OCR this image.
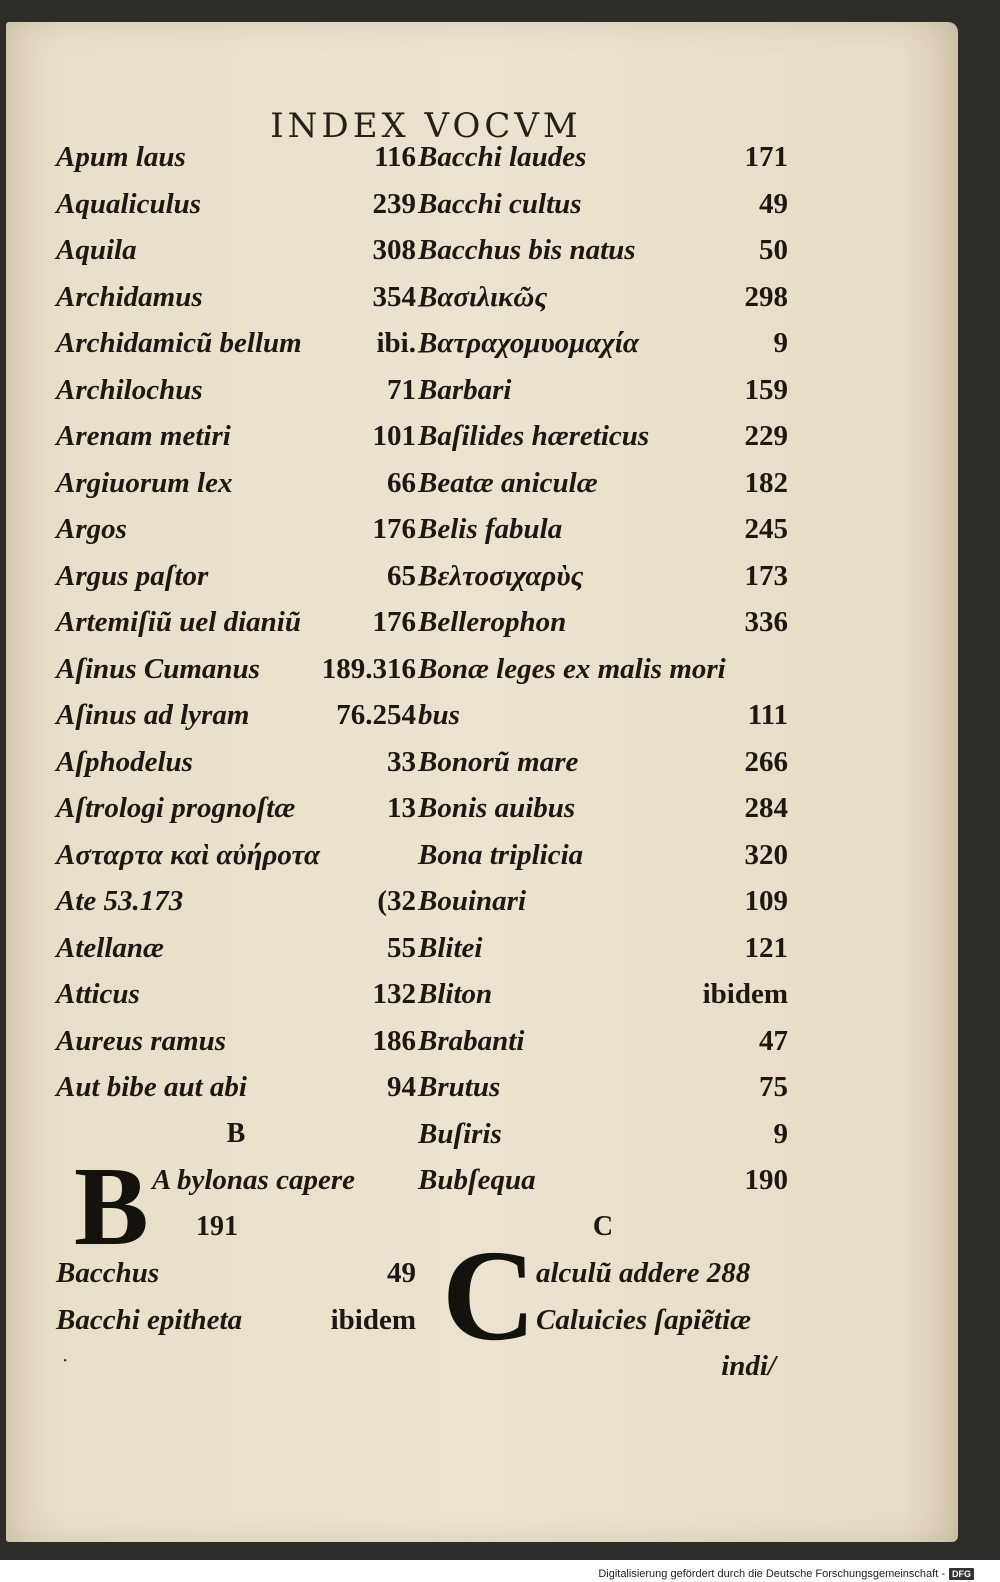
INDEX VOCVM
Apum laus	116
Aqualiculus	239
Aquila	308
Archidamus	354
Archidamicũ bellum	ibi.
Archilochus	71
Arenam metiri	101
Argiuorum lex	66
Argos	176
Argus paſtor	65
Artemiſiũ uel dianiũ 176
Aſinus Cumanus 189.316
Aſinus ad lyram	76.254
Aſphodelus	33
Aſtrologi prognoſtæ	13
Ασταρτα καὶ αὐήροτα
Ate 53.173	(32
Atellanæ	55
Atticus	132
Aureus ramus	186
Aut bibe aut abi	94
B
B A bylonas capere
191
Bacchus	49
Bacchi epitheta	ibidem
Bacchi laudes	171
Bacchi cultus	49
Bacchus bis natus	50
Βασιλικῶς	298
Βατραχομυομαχία	9
Barbari	159
Baſilides hæreticus	229
Beatæ aniculæ	182
Belis fabula	245
Βελτοσιχαρὺς	173
Bellerophon	336
Bonæ leges ex malis mori
bus	111
Bonorũ mare	266
Bonis auibus	284
Bona triplicia	320
Bouinari	109
Blitei	121
Bliton	ibidem
Brabanti	47
Brutus	75
Buſiris	9
Bubſequa	190
C
C alculũ addere 288
Caluicies ſapiẽtiæ
indi/
·
Digitalisierung gefördert durch die Deutsche Forschungsgemeinschaft - DFG
